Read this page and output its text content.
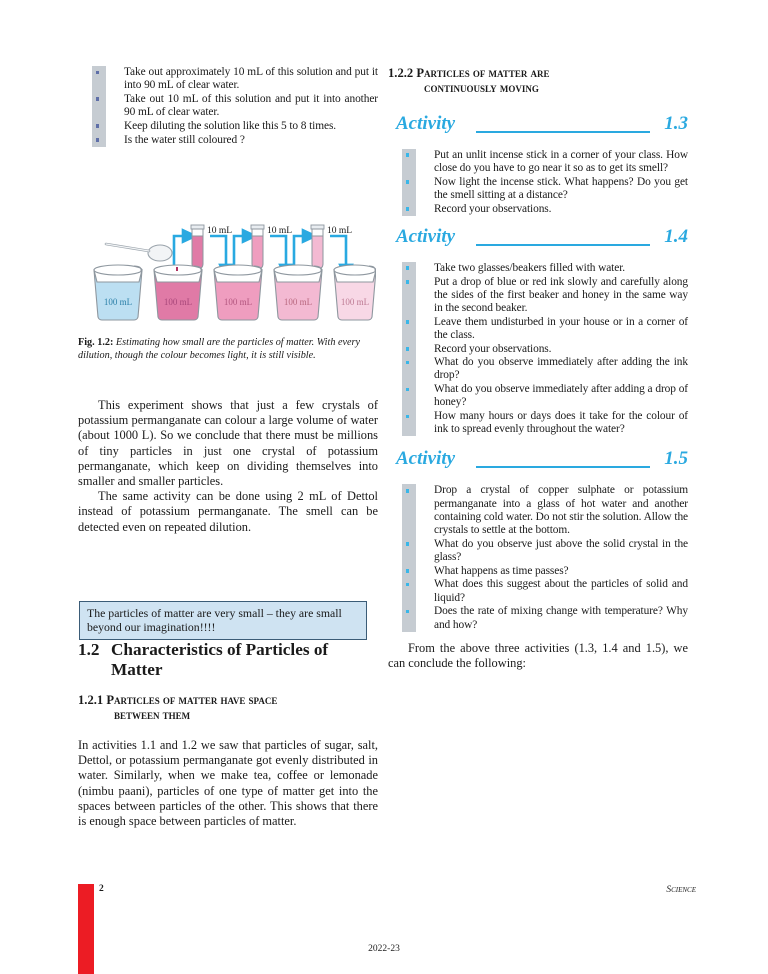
Take out approximately 10 mL of this solution and put it into 90 mL of clear water.
Take out 10 mL of this solution and put it into another 90 mL of clear water.
Keep diluting the solution like this 5 to 8 times.
Is the water still coloured ?
10 mL	10 mL	10 mL
100 mL	100 mL	100 mL	100 mL	100 mL
Fig. 1.2: Estimating how small are the particles of matter. With every dilution, though the colour becomes light, it is still visible.

This experiment shows that just a few crystals of potassium permanganate can colour a large volume of water (about 1000 L). So we conclude that there must be millions of tiny particles in just one crystal of potassium permanganate, which keep on dividing themselves into smaller and smaller particles.

The same activity can be done using 2 mL of Dettol instead of potassium permanganate. The smell can be detected even on repeated dilution.

The particles of matter are very small – they are small beyond our imagination!!!!
1.2 Characteristics of Particles of Matter
1.2.1 Particles of matter have space
between them

In activities 1.1 and 1.2 we saw that particles of sugar, salt, Dettol, or potassium permanganate got evenly distributed in water. Similarly, when we make tea, coffee or lemonade (nimbu paani), particles of one type of matter get into the spaces between particles of the other. This shows that there is enough space between particles of matter.

1.2.2 Particles of matter are
continuously moving
Activity	1.3
Put an unlit incense stick in a corner of your class. How close do you have to go near it so as to get its smell?
Now light the incense stick. What happens? Do you get the smell sitting at a distance?
Record your observations.
Activity	1.4
Take two glasses/beakers filled with water.
Put a drop of blue or red ink slowly and carefully along the sides of the first beaker and honey in the same way in the second beaker.
Leave them undisturbed in your house or in a corner of the class.
Record your observations.
What do you observe immediately after adding the ink drop?
What do you observe immediately after adding a drop of honey?
How many hours or days does it take for the colour of ink to spread evenly throughout the water?
Activity	1.5
Drop a crystal of copper sulphate or potassium permanganate into a glass of hot water and another containing cold water. Do not stir the solution. Allow the crystals to settle at the bottom.
What do you observe just above the solid crystal in the glass?
What happens as time passes?
What does this suggest about the particles of solid and liquid?
Does the rate of mixing change with temperature? Why and how?

From the above three activities (1.3, 1.4 and 1.5), we can conclude the following:

2	Science
2022-23
